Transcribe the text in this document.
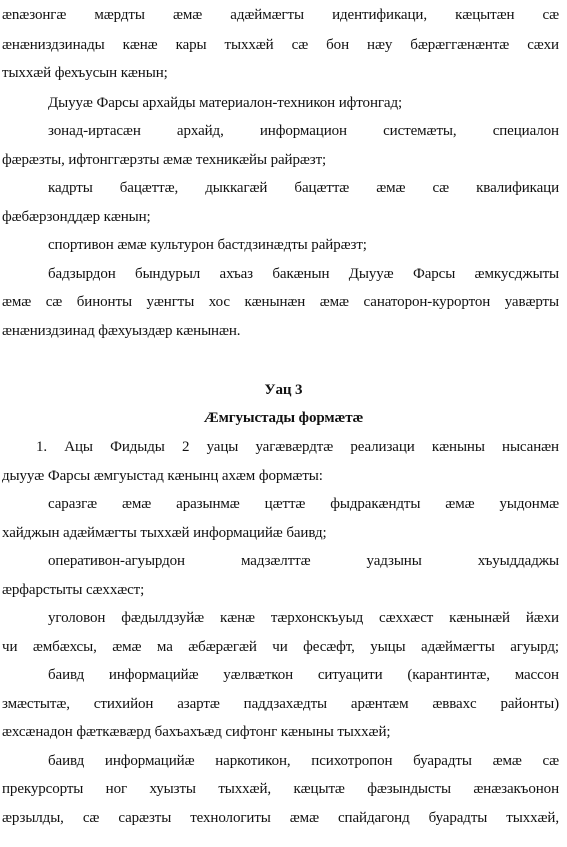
ænæзонгæ мæрдты æмæ адæймæгты идентификаци, кæцытæн сæ
æнæниздзинады кæнæ кары тыххæй сæ бон нæу бæрæггæнæнтæ сæхи
тыххæй фехъусын кæнын;
Дыууæ Фарсы архайды материалон-техникон ифтонгад;
зонад-иртасæн архайд, информацион системæты, специалон
фæрæзты, ифтонггæрзты æмæ техникæйы райрæзт;
кадрты бацæттæ, дыккагæй бацæттæ æмæ сæ квалификаци
фæбæрзонддæр кæнын;
спортивон æмæ культурон бастдзинæдты райрæзт;
бадзырдон бындурыл ахъаз бакæнын Дыууæ Фарсы æмкусджыты
æмæ сæ бинонты уæнгты хос кæнынæн æмæ санаторон-курортон уавæрты
æнæниздзинад фæхуыздæр кæнынæн.
Уац 3
Æмгуыстады формæтæ
1. Ацы Фидыды 2 уацы уагæвæрдтæ реализаци кæныны нысанæн
дыууæ Фарсы æмгуыстад кæнынц ахæм формæты:
саразгæ æмæ аразынмæ цæттæ фыдракæндты æмæ уыдонмæ
хайджын адæймæгты тыххæй информацийæ баивд;
оперативон-агуырдон мадзæлттæ уадзыны хъуыддаджы
æрфарстыты сæххæст;
уголовон фæдылдзуйæ кæнæ тæрхонскъуыд сæххæст кæнынæй йæхи
чи æмбæхсы, æмæ ма æбæрæгæй чи фесæфт, уыцы адæймæгты агуырд;
баивд информацийæ уæлвæткон ситуацити (карантинтæ, массон
змæстытæ, стихийон азартæ паддзахæдты арæнтæм æвваxс районты)
æхсæнадон фæткæвæрд бахъахъæд сифтонг кæныны тыххæй;
баивд информацийæ наркотикон, психотропон буарадты æмæ сæ
прекурсорты ног хуызты тыххæй, кæцытæ фæзындысты æнæзакъонон
æрзылды, сæ сарæзты технологиты æмæ спайдагонд буарадты тыххæй,
